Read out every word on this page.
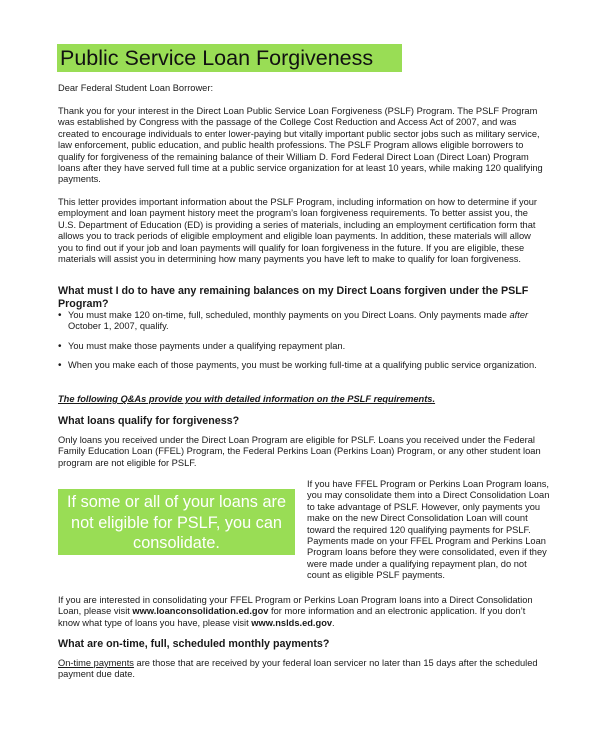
Public Service Loan Forgiveness

Dear Federal Student Loan Borrower:

Thank you for your interest in the Direct Loan Public Service Loan Forgiveness (PSLF) Program. The PSLF Program was established by Congress with the passage of the College Cost Reduction and Access Act of 2007, and was created to encourage individuals to enter lower-paying but vitally important public sector jobs such as military service, law enforcement, public education, and public health professions. The PSLF Program allows eligible borrowers to qualify for forgiveness of the remaining balance of their William D. Ford Federal Direct Loan (Direct Loan) Program loans after they have served full time at a public service organization for at least 10 years, while making 120 qualifying payments.

This letter provides important information about the PSLF Program, including information on how to determine if your employment and loan payment history meet the program’s loan forgiveness requirements. To better assist you, the U.S. Department of Education (ED) is providing a series of materials, including an employment certification form that allows you to track periods of eligible employment and eligible loan payments. In addition, these materials will allow you to find out if your job and loan payments will qualify for loan forgiveness in the future. If you are eligible, these materials will assist you in determining how many payments you have left to make to qualify for loan forgiveness.

What must I do to have any remaining balances on my Direct Loans forgiven under the PSLF Program?

• You must make 120 on-time, full, scheduled, monthly payments on you Direct Loans. Only payments made after October 1, 2007, qualify.
• You must make those payments under a qualifying repayment plan.
• When you make each of those payments, you must be working full-time at a qualifying public service organization.

The following Q&As provide you with detailed information on the PSLF requirements.

What loans qualify for forgiveness?

Only loans you received under the Direct Loan Program are eligible for PSLF. Loans you received under the Federal Family Education Loan (FFEL) Program, the Federal Perkins Loan (Perkins Loan) Program, or any other student loan program are not eligible for PSLF.

If some or all of your loans are not eligible for PSLF, you can consolidate.

If you have FFEL Program or Perkins Loan Program loans, you may consolidate them into a Direct Consolidation Loan to take advantage of PSLF. However, only payments you make on the new Direct Consolidation Loan will count toward the required 120 qualifying payments for PSLF. Payments made on your FFEL Program and Perkins Loan Program loans before they were consolidated, even if they were made under a qualifying repayment plan, do not count as eligible PSLF payments.

If you are interested in consolidating your FFEL Program or Perkins Loan Program loans into a Direct Consolidation Loan, please visit www.loanconsolidation.ed.gov for more information and an electronic application. If you don’t know what type of loans you have, please visit www.nslds.ed.gov.

What are on-time, full, scheduled monthly payments?

On-time payments are those that are received by your federal loan servicer no later than 15 days after the scheduled payment due date.
